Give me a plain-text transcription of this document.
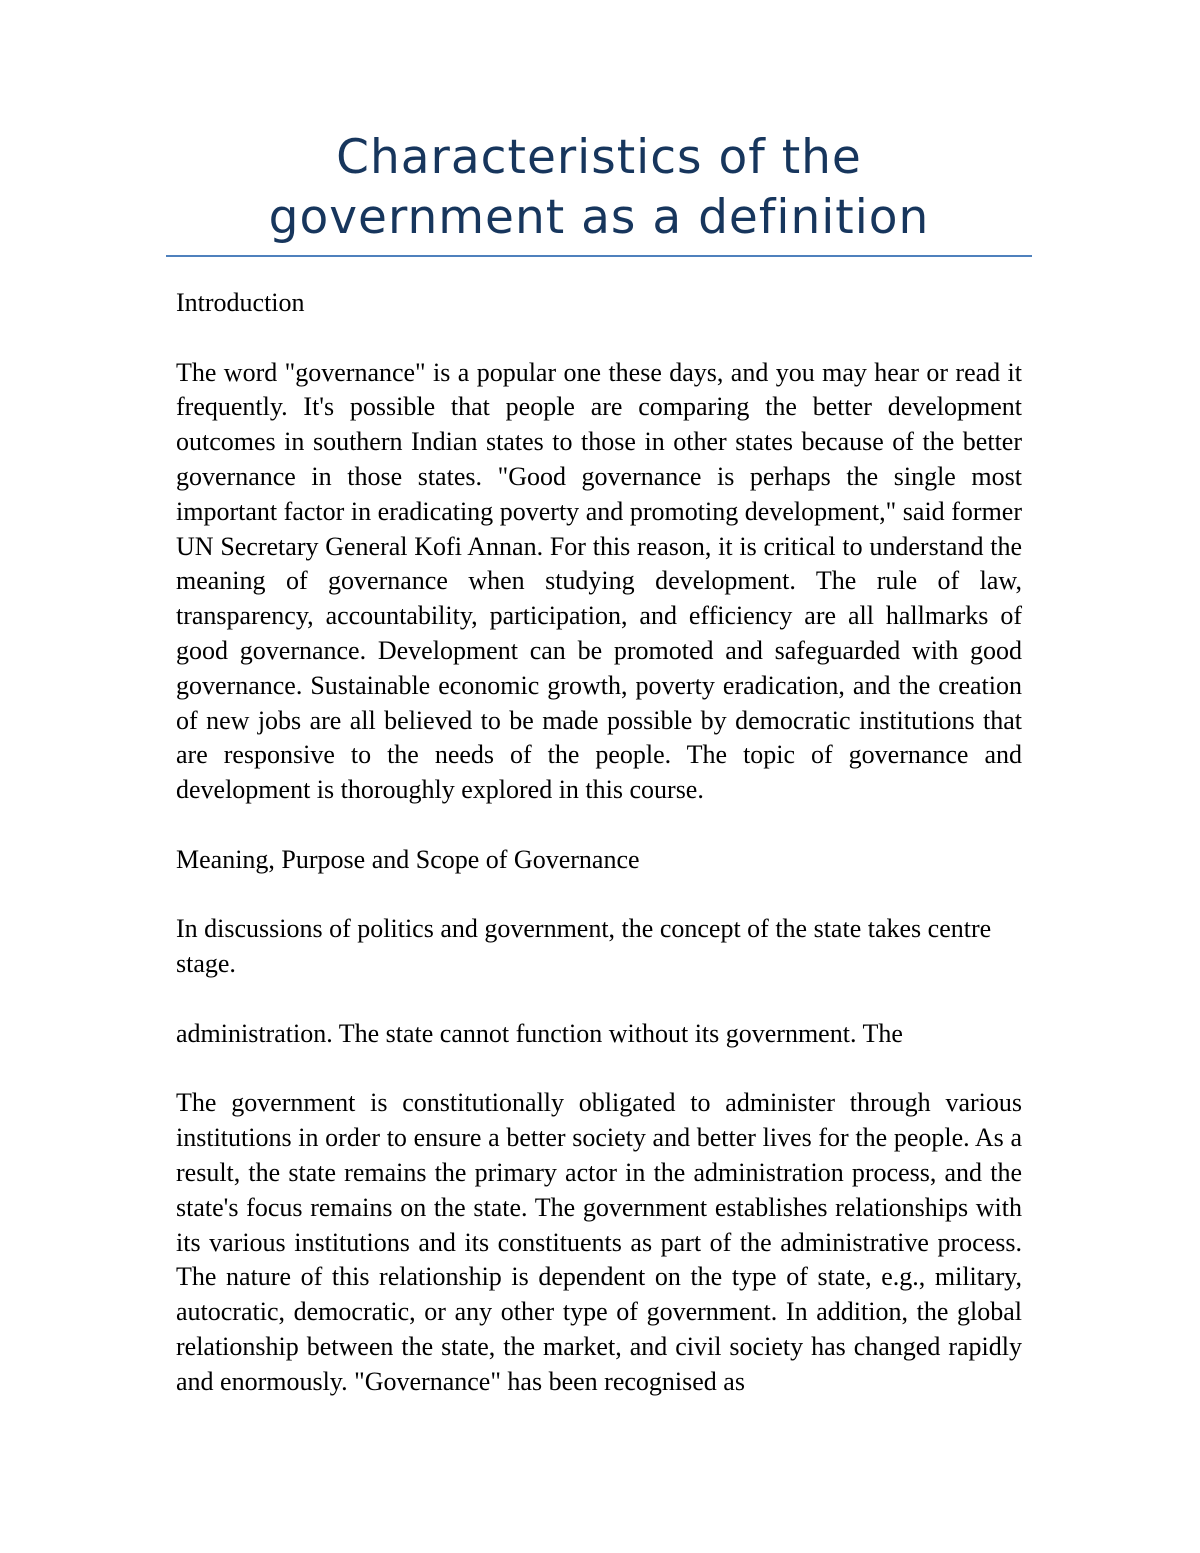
Characteristics of the
government as a definition

Introduction

The word "governance" is a popular one these days, and you may hear or read it frequently. It's possible that people are comparing the better development outcomes in southern Indian states to those in other states because of the better governance in those states. "Good governance is perhaps the single most important factor in eradicating poverty and promoting development," said former UN Secretary General Kofi Annan. For this reason, it is critical to understand the meaning of governance when studying development. The rule of law, transparency, accountability, participation, and efficiency are all hallmarks of good governance. Development can be promoted and safeguarded with good governance. Sustainable economic growth, poverty eradication, and the creation of new jobs are all believed to be made possible by democratic institutions that are responsive to the needs of the people. The topic of governance and development is thoroughly explored in this course.

Meaning, Purpose and Scope of Governance

In discussions of politics and government, the concept of the state takes centre stage.

administration. The state cannot function without its government. The

The government is constitutionally obligated to administer through various institutions in order to ensure a better society and better lives for the people. As a result, the state remains the primary actor in the administration process, and the state's focus remains on the state. The government establishes relationships with its various institutions and its constituents as part of the administrative process. The nature of this relationship is dependent on the type of state, e.g., military, autocratic, democratic, or any other type of government. In addition, the global relationship between the state, the market, and civil society has changed rapidly and enormously. "Governance" has been recognised as
